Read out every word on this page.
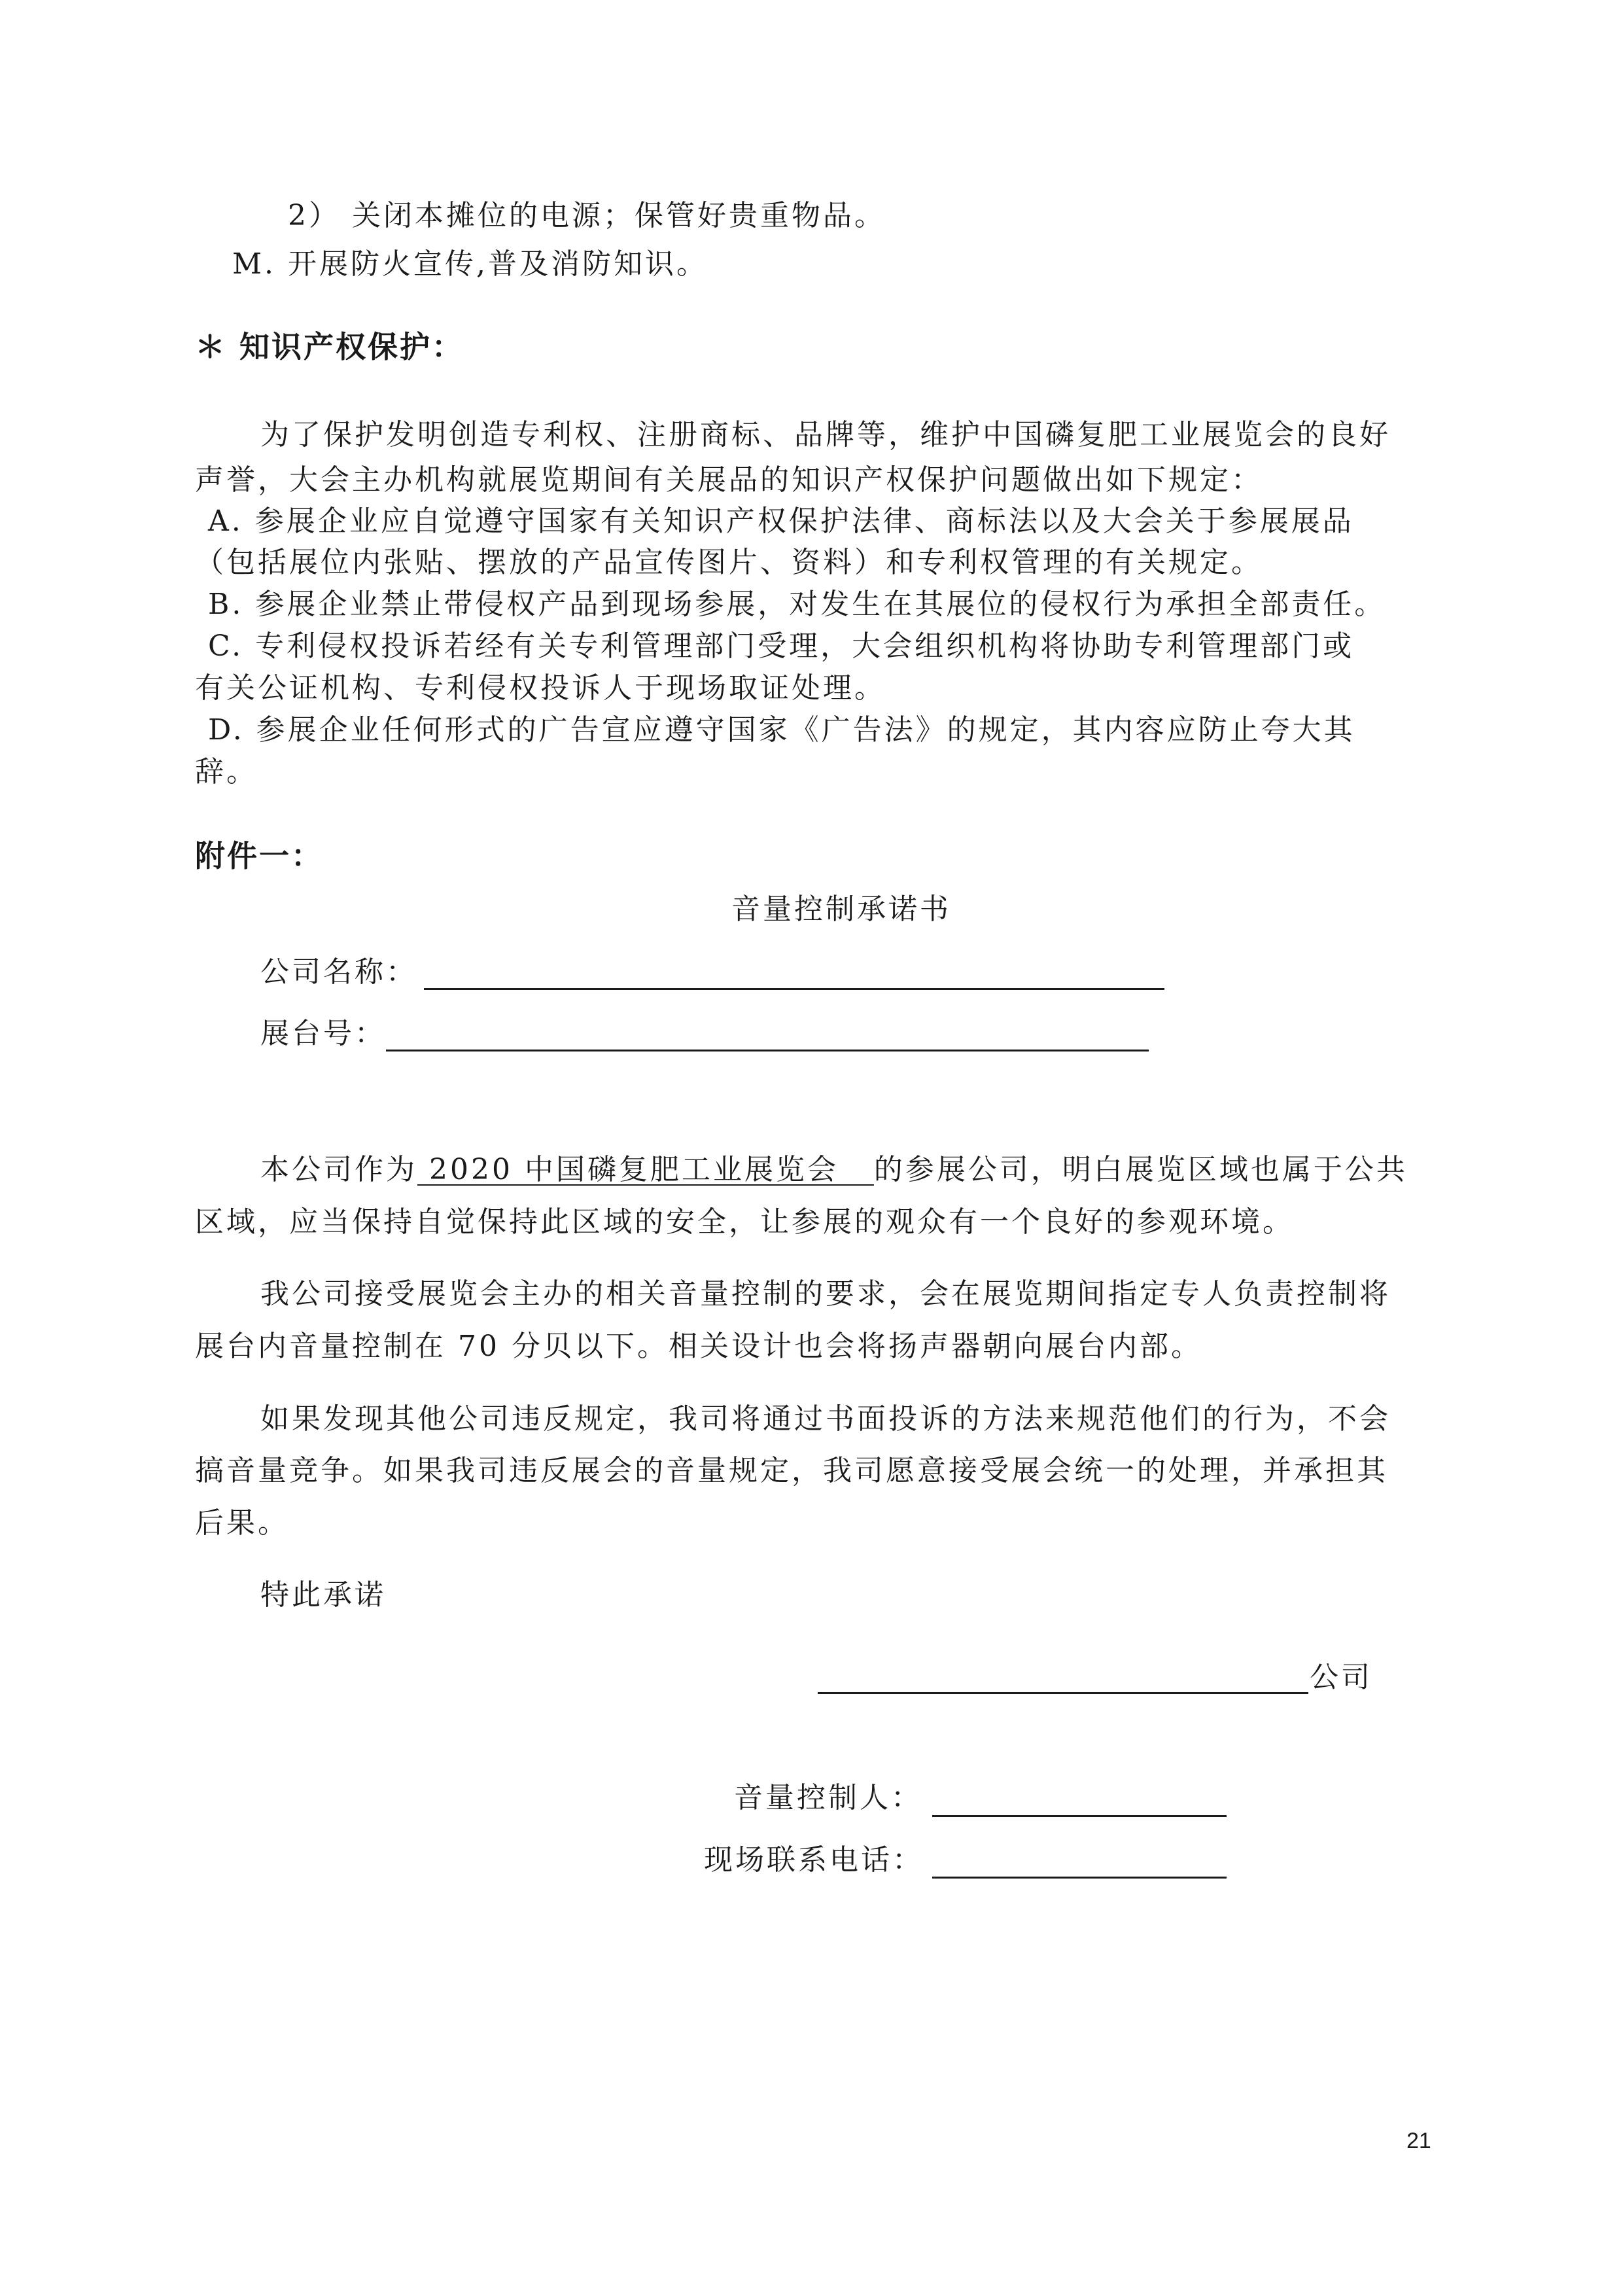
2） 关闭本摊位的电源；保管好贵重物品。
M. 开展防火宣传,普及消防知识。
＊ 知识产权保护：
为了保护发明创造专利权、注册商标、品牌等，维护中国磷复肥工业展览会的良好
声誉，大会主办机构就展览期间有关展品的知识产权保护问题做出如下规定：
A. 参展企业应自觉遵守国家有关知识产权保护法律、商标法以及大会关于参展展品
（包括展位内张贴、摆放的产品宣传图片、资料）和专利权管理的有关规定。
B. 参展企业禁止带侵权产品到现场参展，对发生在其展位的侵权行为承担全部责任。
C. 专利侵权投诉若经有关专利管理部门受理，大会组织机构将协助专利管理部门或
有关公证机构、专利侵权投诉人于现场取证处理。
D. 参展企业任何形式的广告宣应遵守国家《广告法》的规定，其内容应防止夸大其
辞。
附件一：
音量控制承诺书
公司名称：
展台号：
本公司作为 2020 中国磷复肥工业展览会   的参展公司，明白展览区域也属于公共
区域，应当保持自觉保持此区域的安全，让参展的观众有一个良好的参观环境。
我公司接受展览会主办的相关音量控制的要求，会在展览期间指定专人负责控制将
展台内音量控制在 70 分贝以下。相关设计也会将扬声器朝向展台内部。
如果发现其他公司违反规定，我司将通过书面投诉的方法来规范他们的行为，不会
搞音量竞争。如果我司违反展会的音量规定，我司愿意接受展会统一的处理，并承担其
后果。
特此承诺
公司
音量控制人：
现场联系电话：
21
